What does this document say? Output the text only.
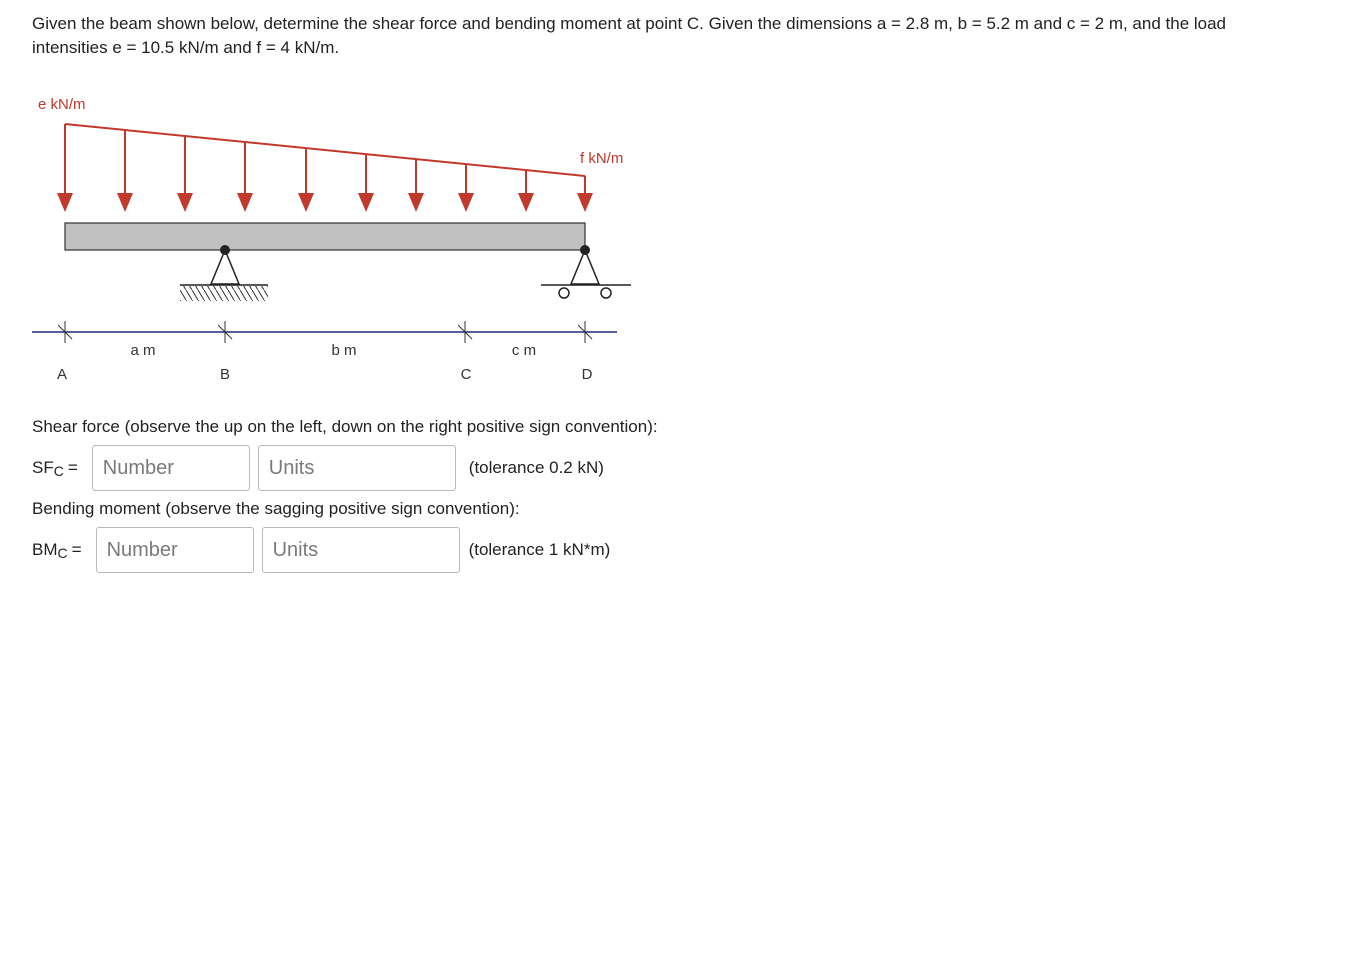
Given the beam shown below, determine the shear force and bending moment at point C. Given the dimensions a = 2.8 m, b = 5.2 m and c = 2 m, and the load intensities e = 10.5 kN/m and f = 4 kN/m.
e kN/m
f kN/m
a m	b m	c m
A	B	C	D
Shear force (observe the up on the left, down on the right positive sign convention):
$SF_C$ =
Number
Units	(tolerance 0.2 kN)
Bending moment (observe the sagging positive sign convention):
$BM_C$ =
Number
Units	(tolerance 1 kN*m)
